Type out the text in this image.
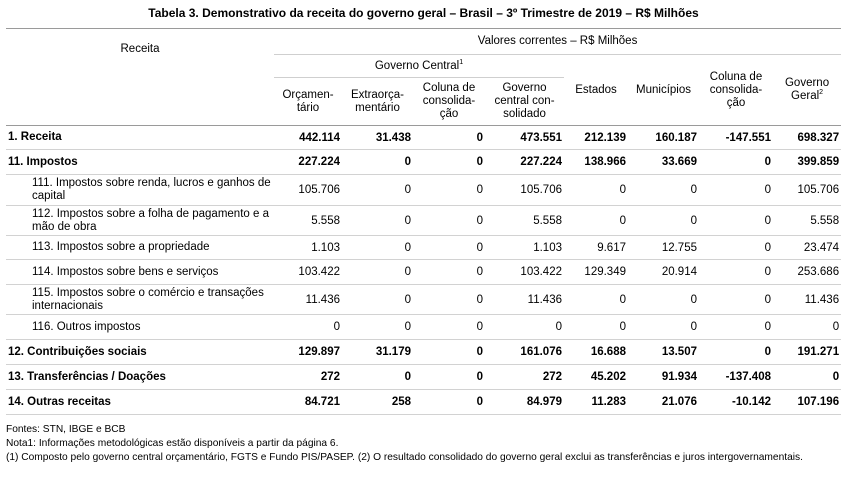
Tabela 3. Demonstrativo da receita do governo geral – Brasil – 3º Trimestre de 2019 – R$ Milhões
Receita	Valores correntes – R$ Milhões							
	Governo Central$^1$				Estados	Municípios	Coluna de consolida-ção	Governo Geral$^2$
	Orçamen-tário	Extraorça-mentário	Coluna de consolida-ção	Governo central con-solidado				
1. Receita	442.114	31.438	0	473.551	212.139	160.187	-147.551	698.327
11. Impostos	227.224	0	0	227.224	138.966	33.669	0	399.859
111. Impostos sobre renda, lucros e ganhos de capital	105.706	0	0	105.706	0	0	0	105.706
112. Impostos sobre a folha de pagamento e a mão de obra	5.558	0	0	5.558	0	0	0	5.558
113. Impostos sobre a propriedade	1.103	0	0	1.103	9.617	12.755	0	23.474
114. Impostos sobre bens e serviços	103.422	0	0	103.422	129.349	20.914	0	253.686
115. Impostos sobre o comércio e transações internacionais	11.436	0	0	11.436	0	0	0	11.436
116. Outros impostos	0	0	0	0	0	0	0	0
12. Contribuições sociais	129.897	31.179	0	161.076	16.688	13.507	0	191.271
13. Transferências / Doações	272	0	0	272	45.202	91.934	-137.408	0
14. Outras receitas	84.721	258	0	84.979	11.283	21.076	-10.142	107.196
Fontes: STN, IBGE e BCB
Nota1: Informações metodológicas estão disponíveis a partir da página 6.
(1) Composto pelo governo central orçamentário, FGTS e Fundo PIS/PASEP. (2) O resultado consolidado do governo geral exclui as transferências e juros intergovernamentais.
